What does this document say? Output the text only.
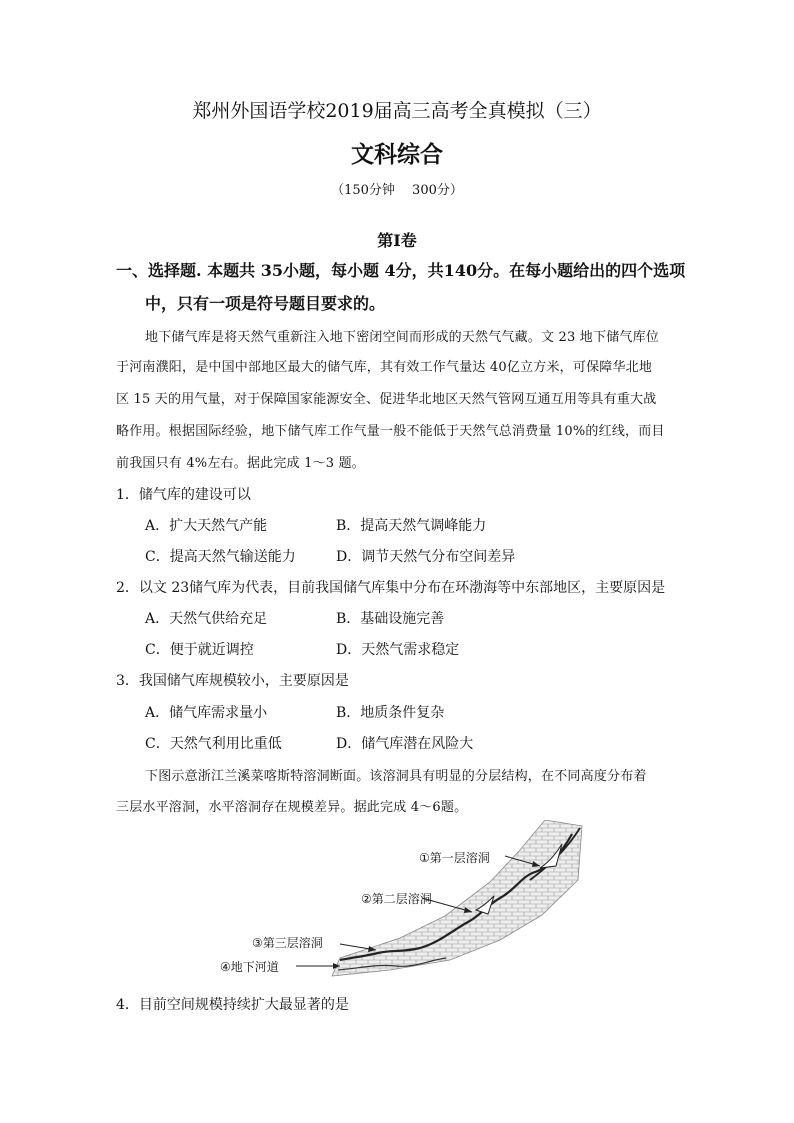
郑州外国语学校2019届高三高考全真模拟（三）
文科综合
（150分钟　 300分）
第Ⅰ卷
一、选择题. 本题共 35小题，每小题 4分，共140分。在每小题给出的四个选项
中，只有一项是符号题目要求的。
地下储气库是将天然气重新注入地下密闭空间而形成的天然气气藏。文 23 地下储气库位
于河南濮阳，是中国中部地区最大的储气库，其有效工作气量达 40亿立方米，可保障华北地
区 15 天的用气量，对于保障国家能源安全、促进华北地区天然气管网互通互用等具有重大战
略作用。根据国际经验，地下储气库工作气量一般不能低于天然气总消费量 10%的红线，而目
前我国只有 4%左右。据此完成 1～3 题。
1．储气库的建设可以
A．扩大天然气产能	B．提高天然气调峰能力
C．提高天然气输送能力	D．调节天然气分布空间差异
2．以文 23储气库为代表，目前我国储气库集中分布在环渤海等中东部地区，主要原因是
A．天然气供给充足	B．基础设施完善
C．便于就近调控	D．天然气需求稳定
3．我国储气库规模较小，主要原因是
A．储气库需求量小	B．地质条件复杂
C．天然气利用比重低	D．储气库潜在风险大
下图示意浙江兰溪菜喀斯特溶洞断面。该溶洞具有明显的分层结构，在不同高度分布着
三层水平溶洞，水平溶洞存在规模差异。据此完成 4～6题。
①第一层溶洞
②第二层溶洞
③第三层溶洞
④地下河道
4．目前空间规模持续扩大最显著的是
